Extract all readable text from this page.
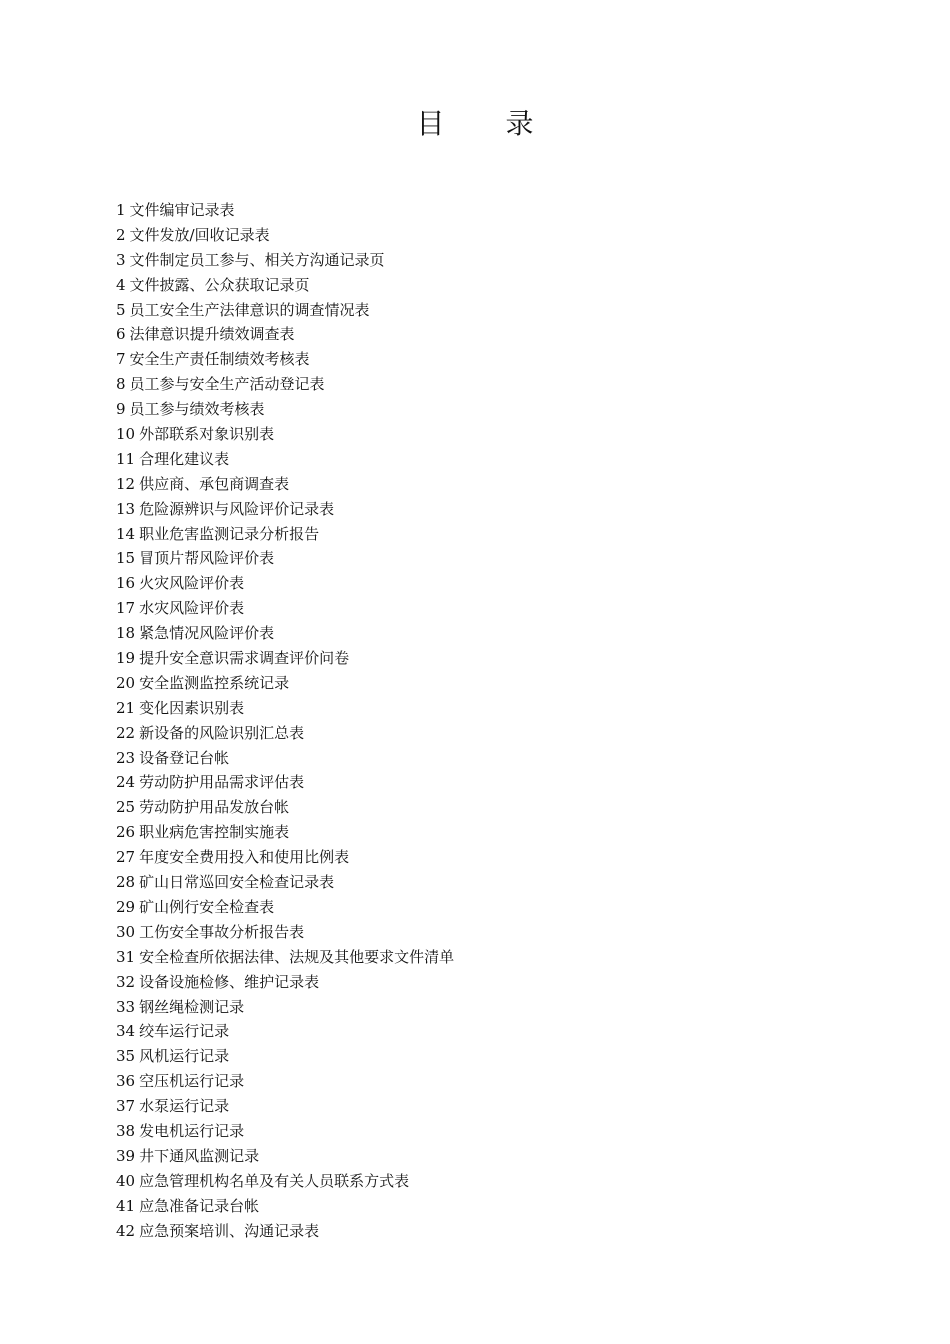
目 录
1 文件编审记录表
2 文件发放/回收记录表
3 文件制定员工参与、相关方沟通记录页
4 文件披露、公众获取记录页
5 员工安全生产法律意识的调查情况表
6 法律意识提升绩效调查表
7 安全生产责任制绩效考核表
8 员工参与安全生产活动登记表
9 员工参与绩效考核表
10 外部联系对象识别表
11 合理化建议表
12 供应商、承包商调查表
13 危险源辨识与风险评价记录表
14 职业危害监测记录分析报告
15 冒顶片帮风险评价表
16 火灾风险评价表
17 水灾风险评价表
18 紧急情况风险评价表
19 提升安全意识需求调查评价问卷
20 安全监测监控系统记录
21 变化因素识别表
22 新设备的风险识别汇总表
23 设备登记台帐
24 劳动防护用品需求评估表
25 劳动防护用品发放台帐
26 职业病危害控制实施表
27 年度安全费用投入和使用比例表
28 矿山日常巡回安全检查记录表
29 矿山例行安全检查表
30 工伤安全事故分析报告表
31 安全检查所依据法律、法规及其他要求文件清单
32 设备设施检修、维护记录表
33 钢丝绳检测记录
34 绞车运行记录
35 风机运行记录
36 空压机运行记录
37 水泵运行记录
38 发电机运行记录
39 井下通风监测记录
40 应急管理机构名单及有关人员联系方式表
41 应急准备记录台帐
42 应急预案培训、沟通记录表
